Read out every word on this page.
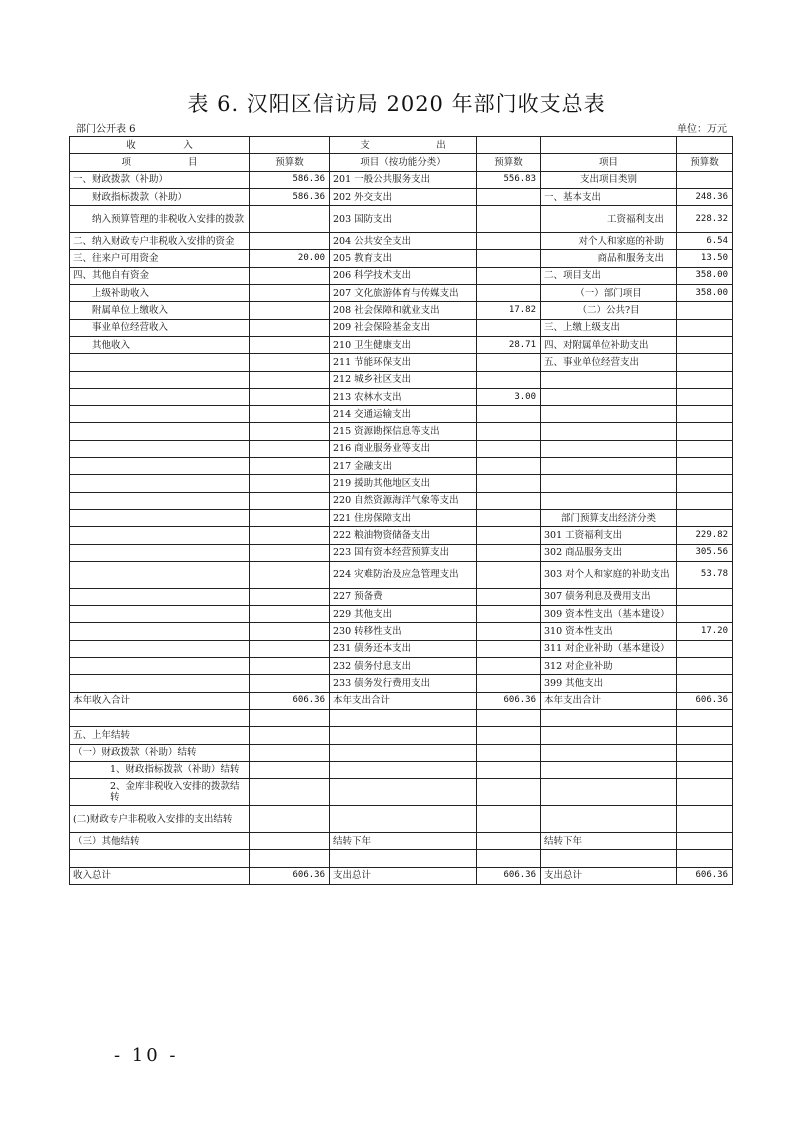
表 6. 汉阳区信访局 2020 年部门收支总表
部门公开表 6	单位：万元
收　　　　　入		支　　　　　　　出			
项　　　　　　目	预算数	项目（按功能分类）	预算数	项目	预算数
一、财政拨款（补助）	586.36	201 一般公共服务支出	556.83	支出项目类别	
财政指标拨款（补助）	586.36	202 外交支出		一、基本支出	248.36
纳入预算管理的非税收入安排的拨款		203 国防支出		工资福利支出	228.32
二、纳入财政专户非税收入安排的资金		204 公共安全支出		对个人和家庭的补助	6.54
三、往来户可用资金	20.00	205 教育支出		商品和服务支出	13.50
四、其他自有资金		206 科学技术支出		二、项目支出	358.00
上级补助收入		207 文化旅游体育与传媒支出		（一）部门项目	358.00
附属单位上缴收入		208 社会保障和就业支出	17.82	（二）公共?目	
事业单位经营收入		209 社会保险基金支出		三、上缴上级支出	
其他收入		210 卫生健康支出	28.71	四、对附属单位补助支出	
		211 节能环保支出		五、事业单位经营支出	
		212 城乡社区支出			
		213 农林水支出	3.00		
		214 交通运输支出			
		215 资源勘探信息等支出			
		216 商业服务业等支出			
		217 金融支出			
		219 援助其他地区支出			
		220 自然资源海洋气象等支出			
		221 住房保障支出		部门预算支出经济分类	
		222 粮油物资储备支出		301 工资福利支出	229.82
		223 国有资本经营预算支出		302 商品服务支出	305.56
		224 灾难防治及应急管理支出		303 对个人和家庭的补助支出	53.78
		227 预备费		307 债务利息及费用支出	
		229 其他支出		309 资本性支出（基本建设）	
		230 转移性支出		310 资本性支出	17.20
		231 债务还本支出		311 对企业补助（基本建设）	
		232 债务付息支出		312 对企业补助	
		233 债务发行费用支出		399 其他支出	
本年收入合计	606.36	本年支出合计	606.36	本年支出合计	606.36

五、上年结转					
（一）财政拨款（补助）结转					
1、财政指标拨款（补助）结转					
2、金库非税收入安排的拨款结转					
(二)财政专户非税收入安排的支出结转					
（三）其他结转		结转下年		结转下年	

收入总计	606.36	支出总计	606.36	支出总计	606.36
- 10 -
